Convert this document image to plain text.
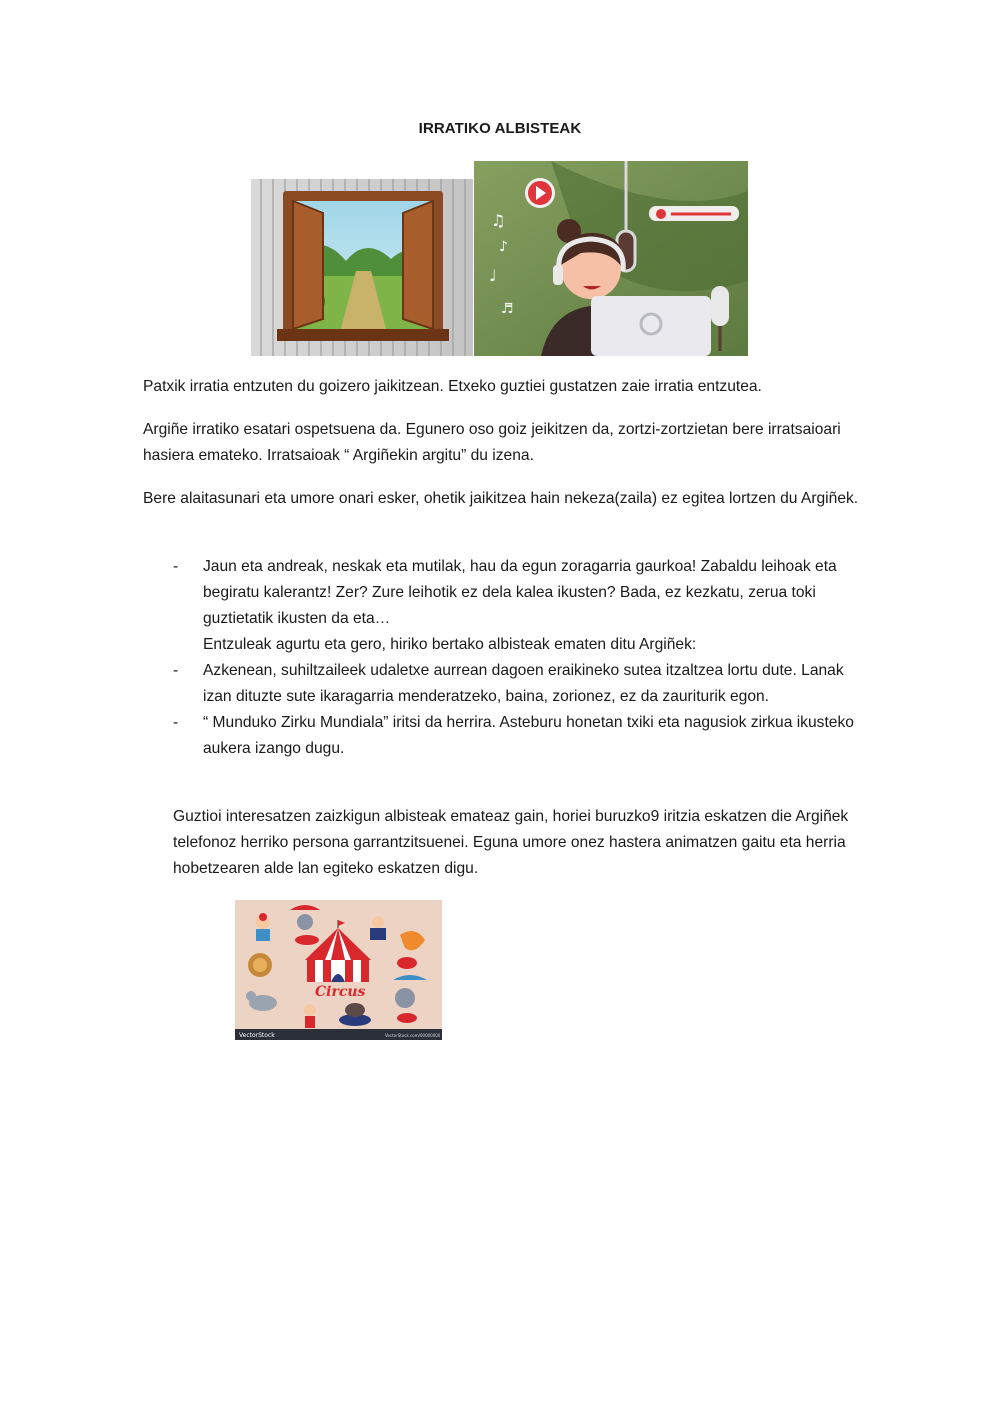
IRRATIKO ALBISTEAK
♫
♪
♩
♬

Patxik irratia entzuten du goizero jaikitzean. Etxeko guztiei gustatzen zaie irratia entzutea.

Argiñe irratiko esatari ospetsuena da. Egunero oso goiz jeikitzen da, zortzi-zortzietan bere irratsaioari hasiera emateko. Irratsaioak “ Argiñekin argitu” du izena.

Bere alaitasunari eta umore onari esker, ohetik jaikitzea hain nekeza(zaila) ez egitea lortzen du Argiñek.

- Jaun eta andreak, neskak eta mutilak, hau da egun zoragarria gaurkoa! Zabaldu leihoak eta begiratu kalerantz! Zer? Zure leihotik ez dela kalea ikusten? Bada, ez kezkatu, zerua toki guztietatik ikusten da eta…
Entzuleak agurtu eta gero, hiriko bertako albisteak ematen ditu Argiñek:
- Azkenean, suhiltzaileek udaletxe aurrean dagoen eraikineko sutea itzaltzea lortu dute. Lanak izan dituzte sute ikaragarria menderatzeko, baina, zorionez, ez da zauriturik egon.
- “ Munduko Zirku Mundiala” iritsi da herrira. Asteburu honetan txiki eta nagusiok zirkua ikusteko aukera izango dugu.

Guztioi interesatzen zaizkigun albisteak emateaz gain, horiei buruzko9 iritzia eskatzen die Argiñek telefonoz herriko persona garrantzitsuenei. Eguna umore onez hastera animatzen gaitu eta herria hobetzearen alde lan egiteko eskatzen digu.

Circus
VectorStock	VectorStock.com/00000000
